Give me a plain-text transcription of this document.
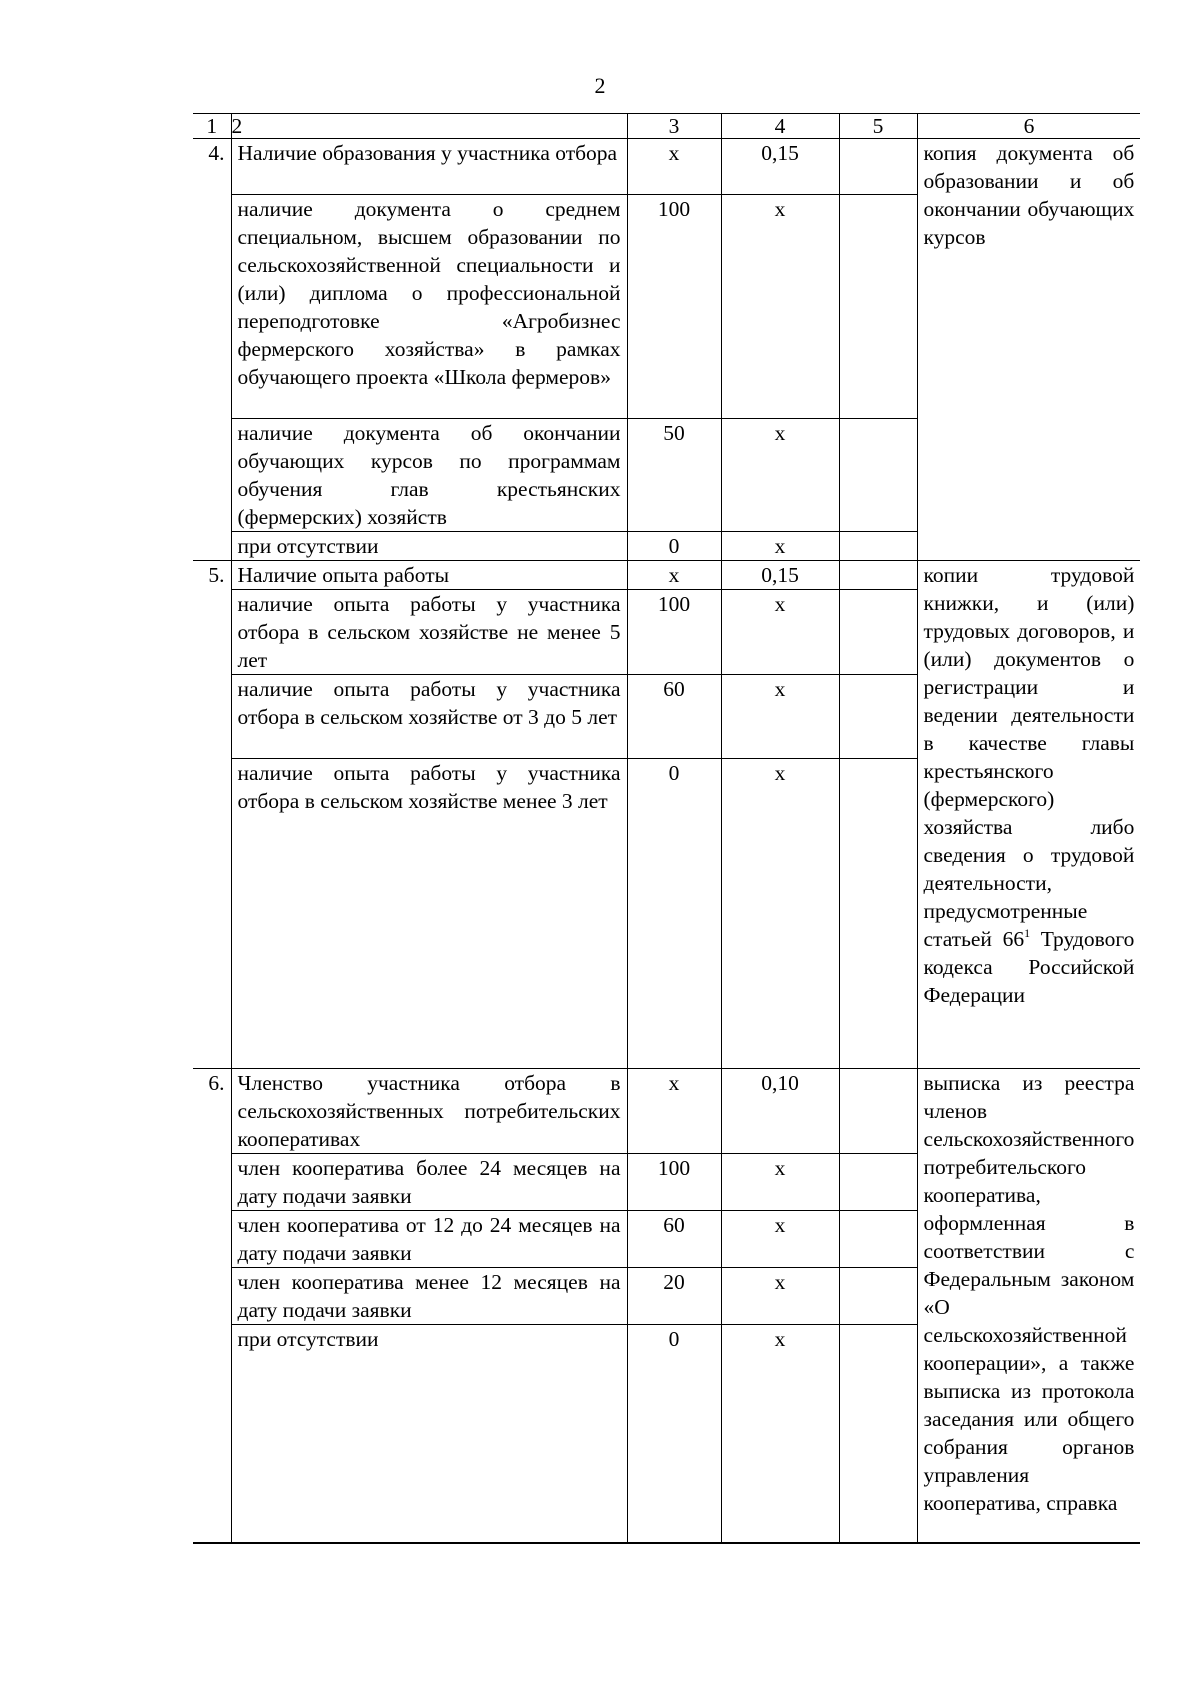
2
1	2	3	4	5	6
4.	Наличие образования у участника отбора	х	0,15		копия документа об образовании и об окончании обучающих курсов
	наличие документа о среднем специальном, высшем образовании по сельскохозяйственной специальности и (или) диплома о профессиональной переподготовке «Агробизнес фермерского хозяйства» в рамках обучающего проекта «Школа фермеров»	100	х		
	наличие документа об окончании обучающих курсов по программам обучения глав крестьянских (фермерских) хозяйств	50	х		
	при отсутствии	0	х		
5.	Наличие опыта работы	х	0,15		копии трудовой книжки, и (или) трудовых договоров, и (или) документов о регистрации и ведении деятельности в качестве главы крестьянского (фермерского) хозяйства либо сведения о трудовой деятельности, предусмотренные статьей $66^1$ Трудового кодекса Российской Федерации
	наличие опыта работы у участника отбора в сельском хозяйстве не менее 5 лет	100	х		
	наличие опыта работы у участника отбора в сельском хозяйстве от 3 до 5 лет	60	х		
	наличие опыта работы у участника отбора в сельском хозяйстве менее 3 лет	0	х		
6.	Членство участника отбора в сельскохозяйственных потребительских кооперативах	х	0,10		выписка из реестра членов сельскохозяйственного потребительского кооператива, оформленная в соответствии с Федеральным законом «О сельскохозяйственной кооперации», а также выписка из протокола заседания или общего собрания органов управления кооператива, справка
	член кооператива более 24 месяцев на дату подачи заявки	100	х		
	член кооператива от 12 до 24 месяцев на дату подачи заявки	60	х		
	член кооператива менее 12 месяцев на дату подачи заявки	20	х		
	при отсутствии	0	х		
